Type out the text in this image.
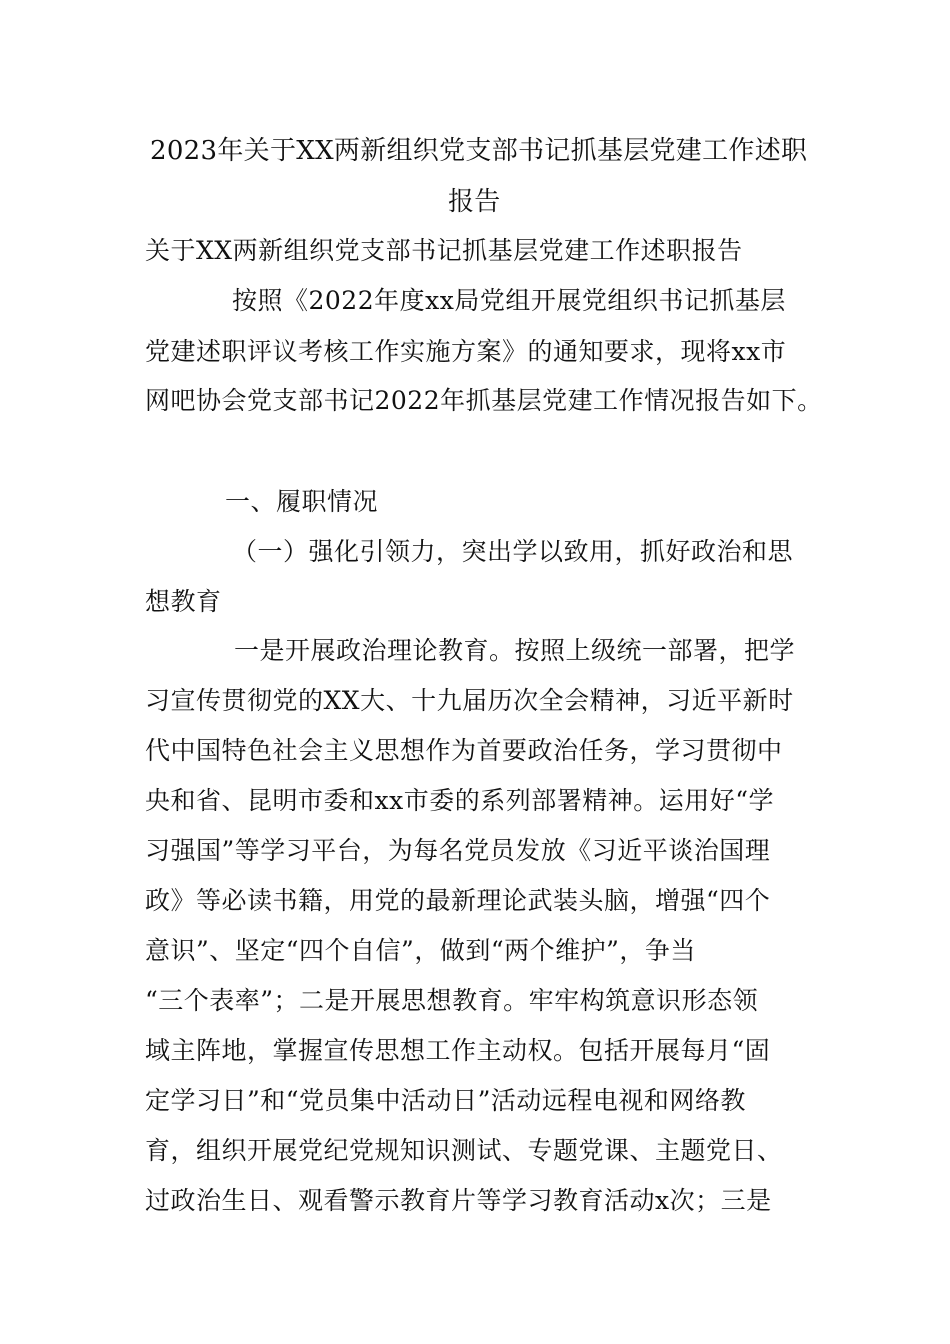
2023年关于XX两新组织党支部书记抓基层党建工作述职
报告
关于XX两新组织党支部书记抓基层党建工作述职报告
按照《2022年度xx局党组开展党组织书记抓基层
党建述职评议考核工作实施方案》的通知要求，现将xx市
网吧协会党支部书记2022年抓基层党建工作情况报告如下。
一、履职情况
（一）强化引领力，突出学以致用，抓好政治和思
想教育
一是开展政治理论教育。按照上级统一部署，把学
习宣传贯彻党的XX大、十九届历次全会精神，习近平新时
代中国特色社会主义思想作为首要政治任务，学习贯彻中
央和省、昆明市委和xx市委的系列部署精神。运用好“学
习强国”等学习平台，为每名党员发放《习近平谈治国理
政》等必读书籍，用党的最新理论武装头脑，增强“四个
意识”、坚定“四个自信”，做到“两个维护”，争当
“三个表率”；二是开展思想教育。牢牢构筑意识形态领
域主阵地，掌握宣传思想工作主动权。包括开展每月“固
定学习日”和“党员集中活动日”活动远程电视和网络教
育，组织开展党纪党规知识测试、专题党课、主题党日、
过政治生日、观看警示教育片等学习教育活动x次；三是
